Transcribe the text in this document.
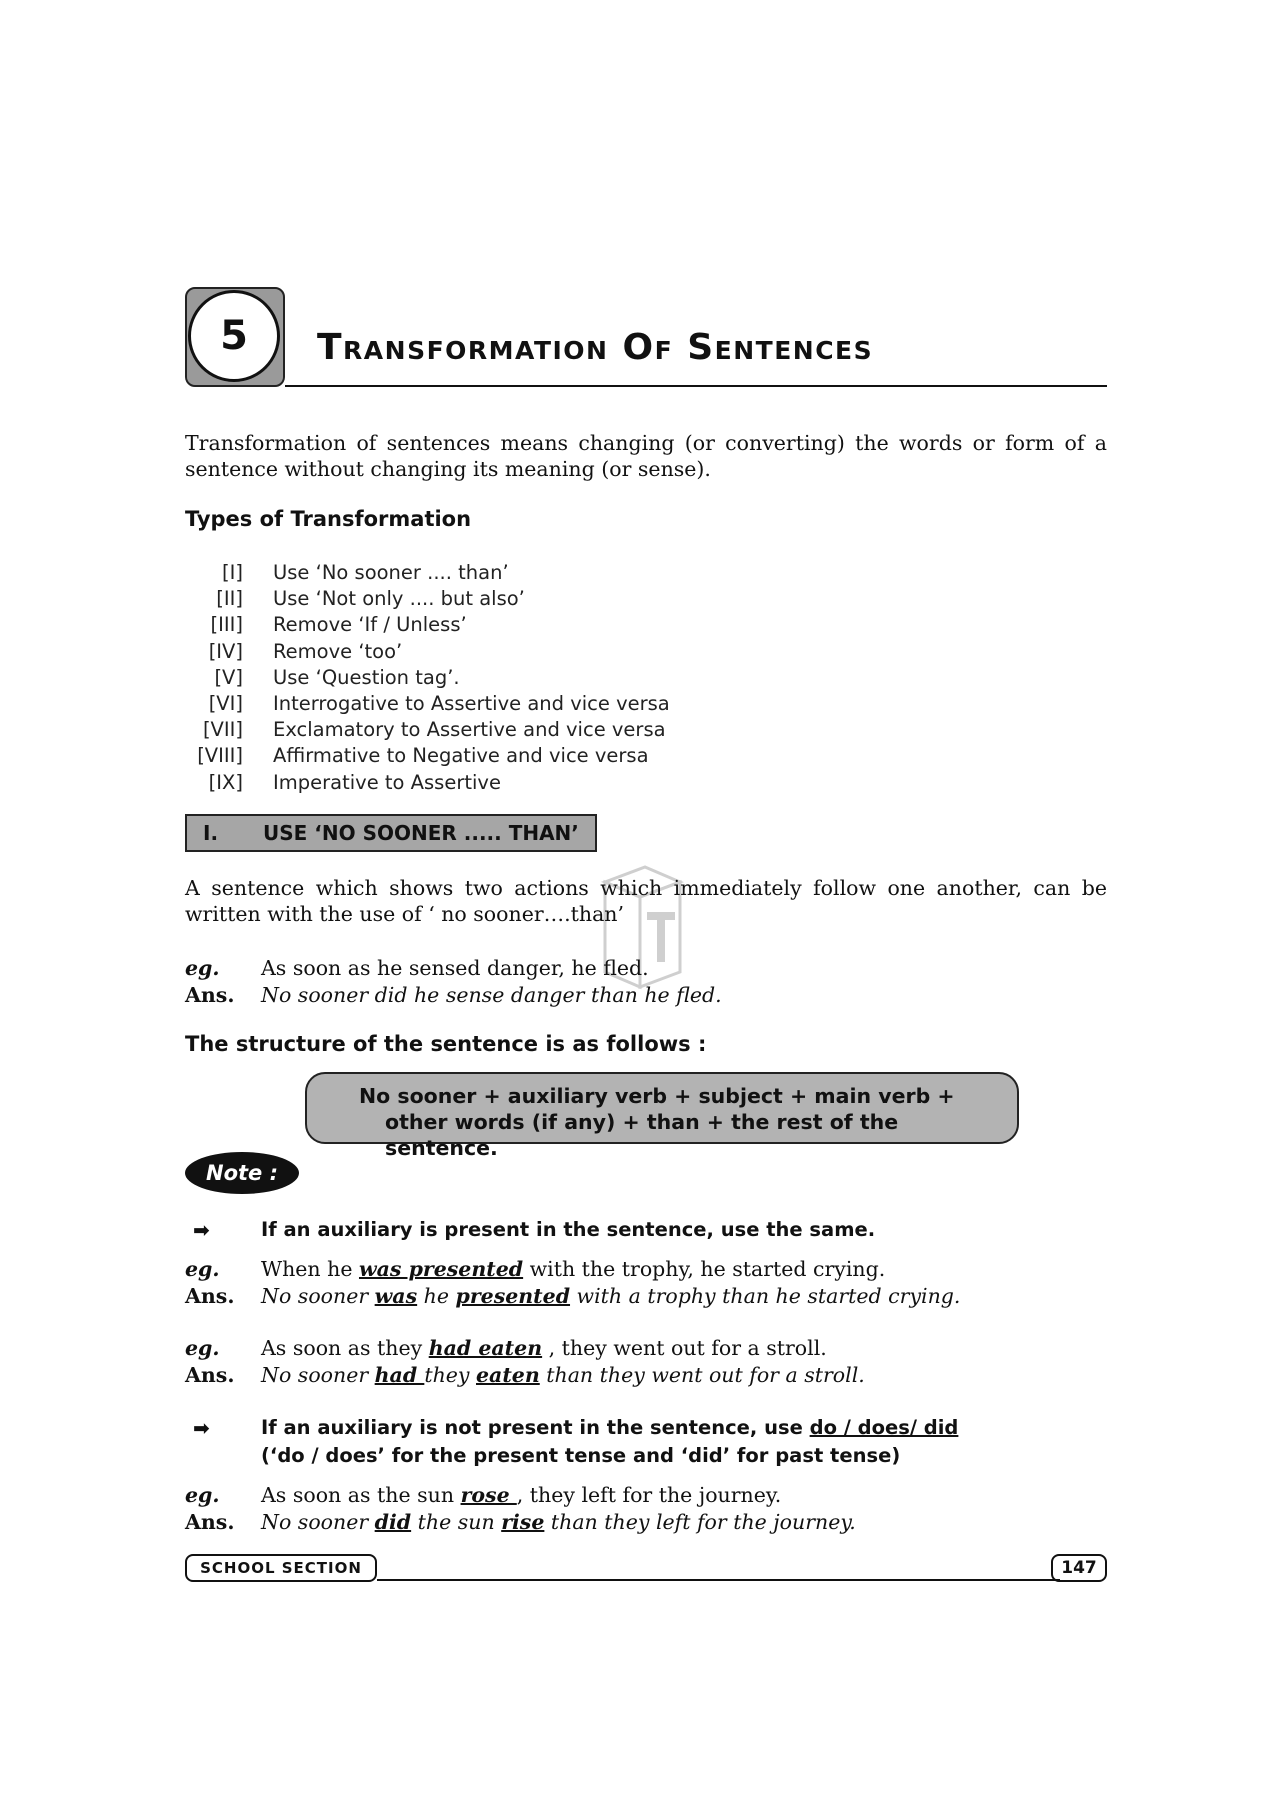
5	Transformation Of Sentences

Transformation of sentences means changing (or converting) the words or form of a sentence without changing its meaning (or sense).

Types of Transformation
[I] Use ‘No sooner .... than’
[II] Use ‘Not only .... but also’
[III] Remove ‘If / Unless’
[IV] Remove ‘too’
[V] Use ‘Question tag’.
[VI] Interrogative to Assertive and vice versa
[VII] Exclamatory to Assertive and vice versa
[VIII] Affirmative to Negative and vice versa
[IX] Imperative to Assertive
I.	USE ‘NO SOONER ..... THAN’

A sentence which shows two actions which immediately follow one another, can be written with the use of ‘ no sooner….than’

eg.	As soon as he sensed danger, he fled.
Ans.	No sooner did he sense danger than he fled.
The structure of the sentence is as follows :
No sooner + auxiliary verb + subject + main verb +
other words (if any) + than + the rest of the sentence.
Note :
➡	If an auxiliary is present in the sentence, use the same.
eg.	When he was presented with the trophy, he started crying.
Ans.	No sooner was he presented with a trophy than he started crying.
eg.	As soon as they had eaten , they went out for a stroll.
Ans.	No sooner had they eaten than they went out for a stroll.
➡	If an auxiliary is not present in the sentence, use do / does/ did
(‘do / does’ for the present tense and ‘did’ for past tense)
eg.	As soon as the sun rose , they left for the journey.
Ans.	No sooner did the sun rise than they left for the journey.
SCHOOL SECTION	147
